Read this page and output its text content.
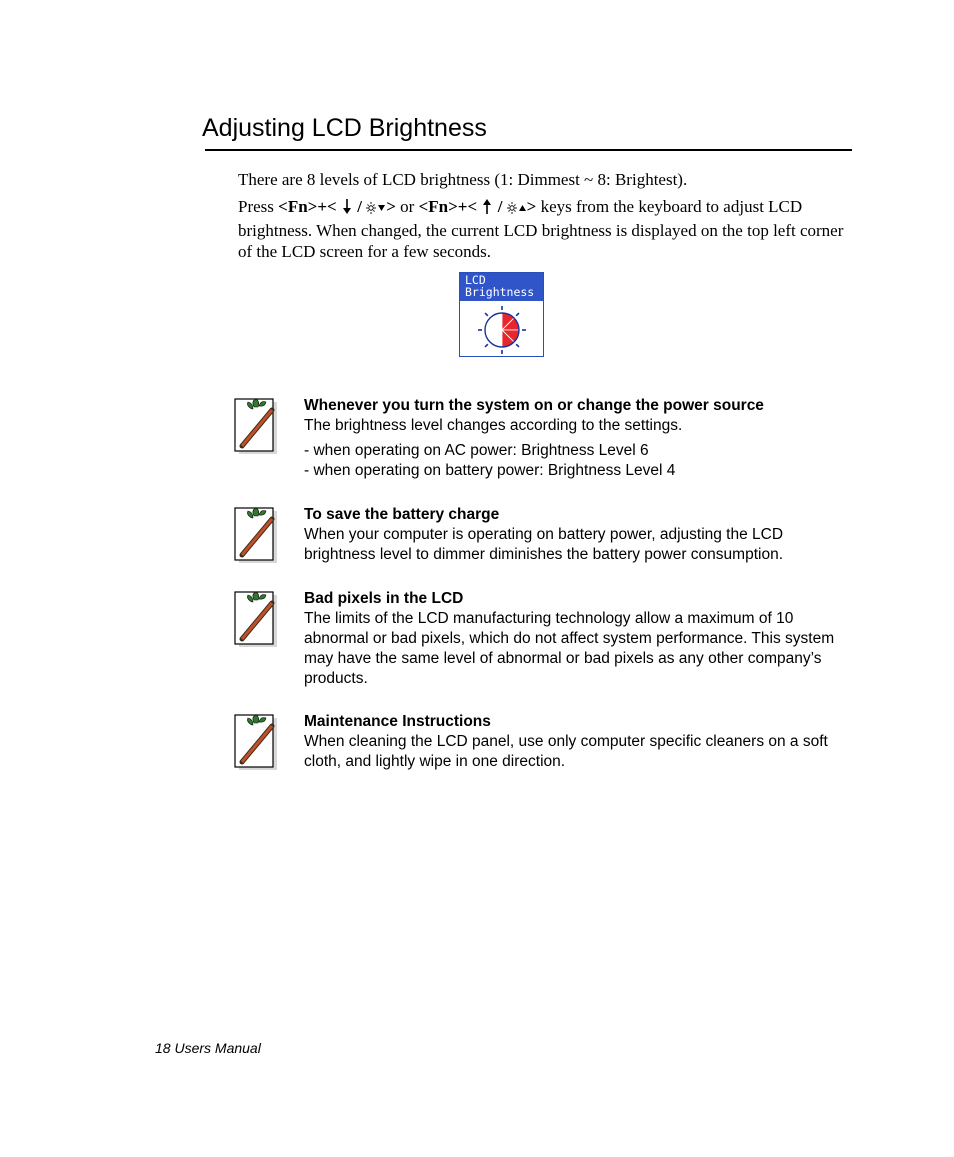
Adjusting LCD Brightness
There are 8 levels of LCD brightness (1: Dimmest ~ 8: Brightest).
Press <Fn>+<  / > or <Fn>+<  / > keys from the keyboard to adjust LCD brightness. When changed, the current LCD brightness is displayed on the top left corner of the LCD screen for a few seconds.
LCD
Brightness
Whenever you turn the system on or change the power source
The brightness level changes according to the settings.
- when operating on AC power: Brightness Level 6
- when operating on battery power: Brightness Level 4
To save the battery charge
When your computer is operating on battery power, adjusting the LCD brightness level to dimmer diminishes the battery power consumption.
Bad pixels in the LCD
The limits of the LCD manufacturing technology allow a maximum of 10 abnormal or bad pixels, which do not affect system performance. This system may have the same level of abnormal or bad pixels as any other company’s products.
Maintenance Instructions
When cleaning the LCD panel, use only computer specific cleaners on a soft cloth, and lightly wipe in one direction.
18 Users Manual
